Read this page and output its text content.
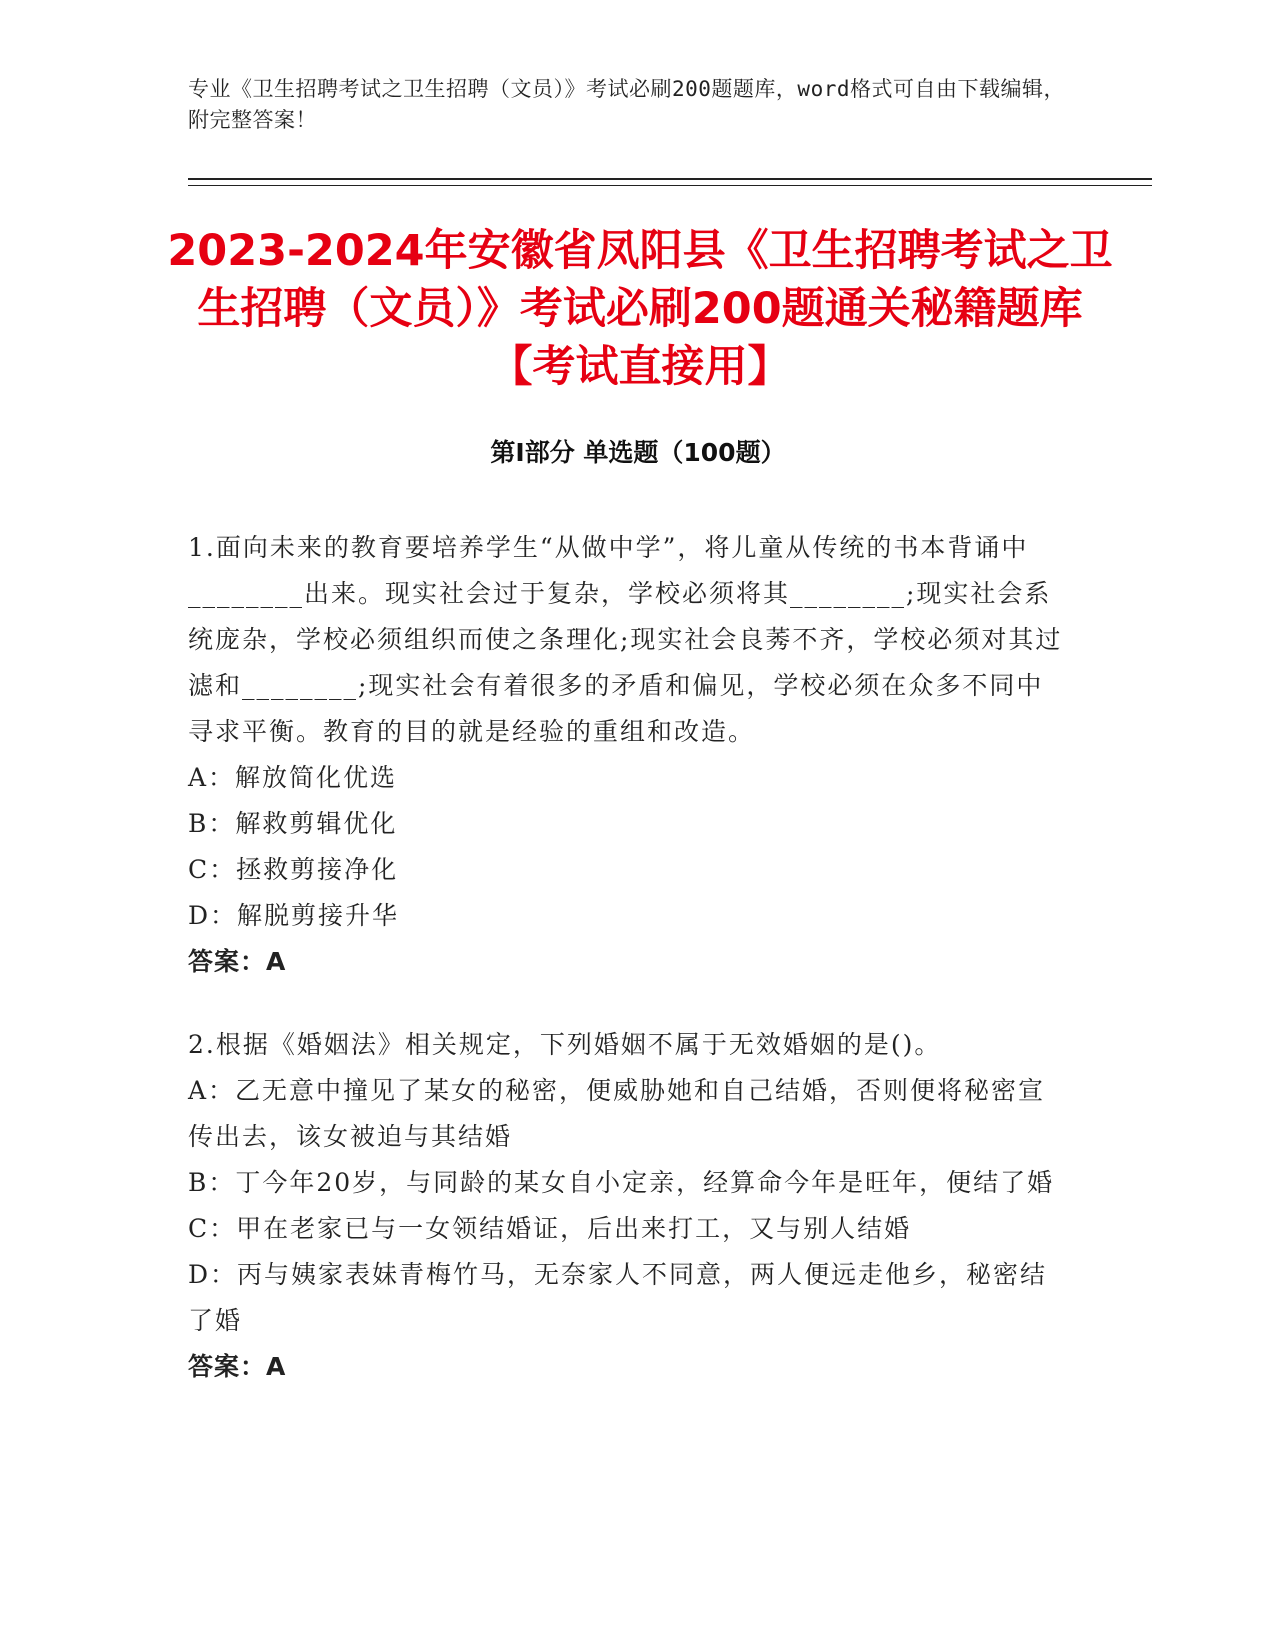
专业《卫生招聘考试之卫生招聘（文员）》考试必刷200题题库，word格式可自由下载编辑，附完整答案！
2023-2024年安徽省凤阳县《卫生招聘考试之卫生招聘（文员）》考试必刷200题通关秘籍题库【考试直接用】
第I部分 单选题（100题）

1.面向未来的教育要培养学生“从做中学”，将儿童从传统的书本背诵中________出来。现实社会过于复杂，学校必须将其________;现实社会系统庞杂，学校必须组织而使之条理化;现实社会良莠不齐，学校必须对其过滤和________;现实社会有着很多的矛盾和偏见，学校必须在众多不同中寻求平衡。教育的目的就是经验的重组和改造。

A：解放简化优选

B：解救剪辑优化

C：拯救剪接净化

D：解脱剪接升华

答案：A

2.根据《婚姻法》相关规定，下列婚姻不属于无效婚姻的是()。

A：乙无意中撞见了某女的秘密，便威胁她和自己结婚，否则便将秘密宣传出去，该女被迫与其结婚

B：丁今年20岁，与同龄的某女自小定亲，经算命今年是旺年，便结了婚

C：甲在老家已与一女领结婚证，后出来打工，又与别人结婚

D：丙与姨家表妹青梅竹马，无奈家人不同意，两人便远走他乡，秘密结了婚

答案：A
